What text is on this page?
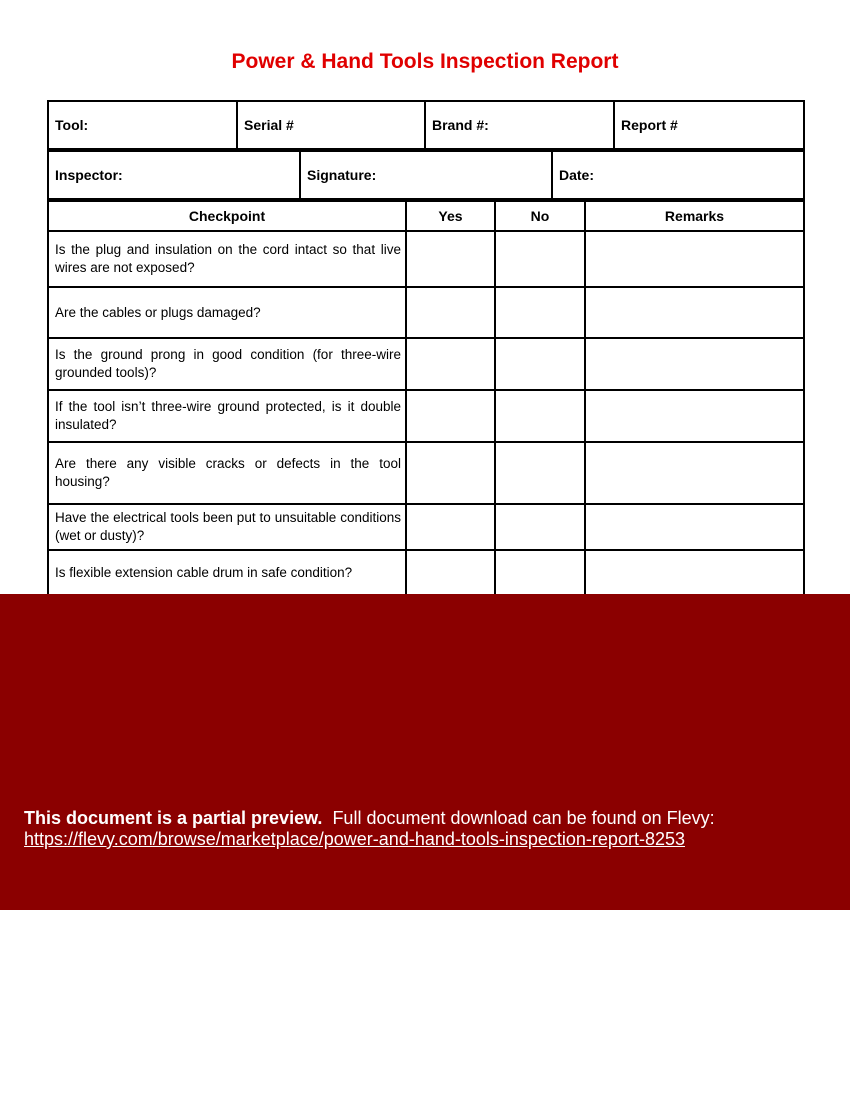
Power & Hand Tools Inspection Report
Tool:	Serial #	Brand #:	Report #
Inspector:	Signature:	Date:
Checkpoint	Yes	No	Remarks
Is the plug and insulation on the cord intact so that live wires are not exposed?			
Are the cables or plugs damaged?			
Is the ground prong in good condition (for three-wire grounded tools)?			
If the tool isn’t three-wire ground protected, is it double insulated?			
Are there any visible cracks or defects in the tool housing?			
Have the electrical tools been put to unsuitable conditions (wet or dusty)?			
Is flexible extension cable drum in safe condition?			

This document is a partial preview. Full document download can be found on Flevy:
https://flevy.com/browse/marketplace/power-and-hand-tools-inspection-report-8253
